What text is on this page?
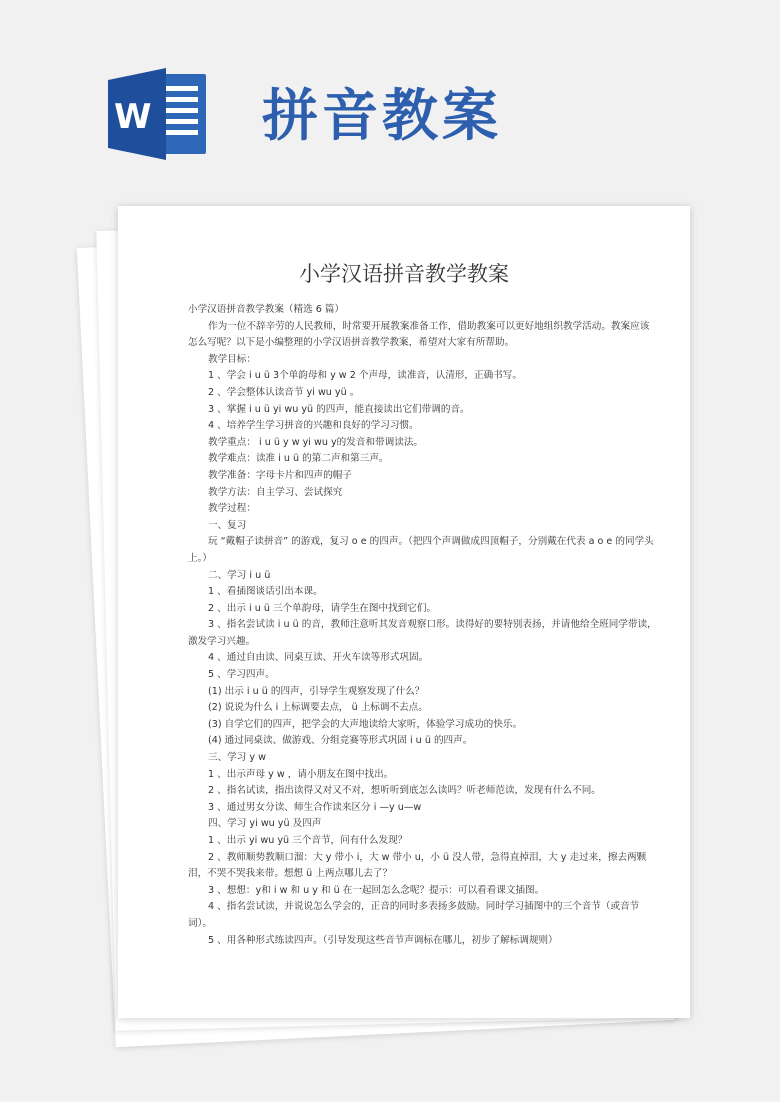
W 拼音教案
小学汉语拼音教学教案
小学汉语拼音教学教案（精选 6 篇）
作为一位不辞辛劳的人民教师，时常要开展教案准备工作，借助教案可以更好地组织教学活动。教案应该怎么写呢？以下是小编整理的小学汉语拼音教学教案，希望对大家有所帮助。
教学目标：
1 、学会 i u ü 3个单韵母和 y w 2 个声母，读准音，认清形，正确书写。
2 、学会整体认读音节 yi wu yü 。
3 、掌握 i u ü yi wu yü 的四声，能直接读出它们带调的音。
4 、培养学生学习拼音的兴趣和良好的学习习惯。
教学重点： i u ü y w yi wu y的发音和带调读法。
教学难点：读准 i u ü 的第二声和第三声。
教学准备：字母卡片和四声的帽子
教学方法：自主学习、尝试探究
教学过程：
一、复习
玩 “戴帽子读拼音” 的游戏，复习 o e 的四声。（把四个声调做成四顶帽子，分别戴在代表 a o e 的同学头上。）
二、学习 i u ü
1 、看插图谈话引出本课。
2 、出示 i u ü 三个单韵母，请学生在图中找到它们。
3 、指名尝试读 i u ü 的音，教师注意听其发音观察口形。读得好的要特别表扬，并请他给全班同学带读，激发学习兴趣。
4 、通过自由读、同桌互读、开火车读等形式巩固。
5 、学习四声。
(1) 出示 i u ü 的四声，引导学生观察发现了什么？
(2) 说说为什么 i 上标调要去点， ü 上标调不去点。
(3) 自学它们的四声，把学会的大声地读给大家听，体验学习成功的快乐。
(4) 通过同桌读、做游戏、分组竞赛等形式巩固 i u ü 的四声。
三、学习 y w
1 、出示声母 y w ，请小朋友在图中找出。
2 、指名试读，指出读得又对又不对，想听听到底怎么读吗？听老师范读，发现有什么不同。
3 、通过男女分读、师生合作读来区分 i —y u—w
四、学习 yi wu yü 及四声
1 、出示 yi wu yü 三个音节，问有什么发现？
2 、教师顺势教顺口溜：大 y 带小 i，大 w 带小 u，小 ü 没人带，急得直掉泪，大 y 走过来，擦去两颗泪，不哭不哭我来带。想想 ü 上两点哪儿去了？
3 、想想：y和 i w 和 u y 和 ü 在一起回怎么念呢？提示：可以看看课文插图。
4 、指名尝试读，并说说怎么学会的，正音的同时多表扬多鼓励。同时学习插图中的三个音节（或音节词）。
5 、用各种形式练读四声。（引导发现这些音节声调标在哪儿，初步了解标调规则）
